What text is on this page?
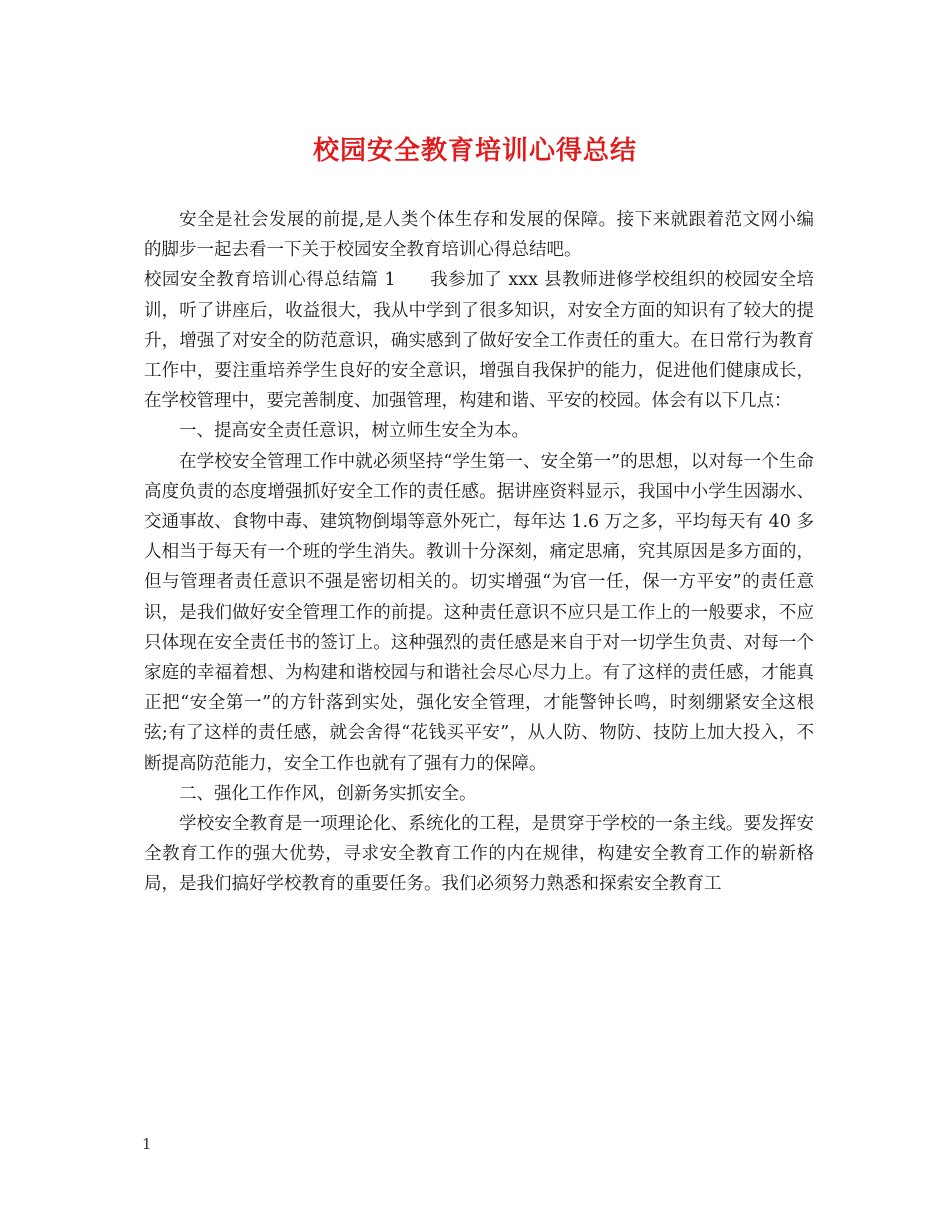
校园安全教育培训心得总结

安全是社会发展的前提,是人类个体生存和发展的保障。接下来就跟着范文网小编的脚步一起去看一下关于校园安全教育培训心得总结吧。

校园安全教育培训心得总结篇 1 我参加了 xxx 县教师进修学校组织的校园安全培训，听了讲座后，收益很大，我从中学到了很多知识，对安全方面的知识有了较大的提升，增强了对安全的防范意识，确实感到了做好安全工作责任的重大。在日常行为教育工作中，要注重培养学生良好的安全意识，增强自我保护的能力，促进他们健康成长，在学校管理中，要完善制度、加强管理，构建和谐、平安的校园。体会有以下几点：

一、提高安全责任意识，树立师生安全为本。

在学校安全管理工作中就必须坚持“学生第一、安全第一”的思想，以对每一个生命高度负责的态度增强抓好安全工作的责任感。据讲座资料显示，我国中小学生因溺水、交通事故、食物中毒、建筑物倒塌等意外死亡，每年达 1.6 万之多，平均每天有 40 多人相当于每天有一个班的学生消失。教训十分深刻，痛定思痛，究其原因是多方面的，但与管理者责任意识不强是密切相关的。切实增强“为官一任，保一方平安”的责任意识，是我们做好安全管理工作的前提。这种责任意识不应只是工作上的一般要求，不应只体现在安全责任书的签订上。这种强烈的责任感是来自于对一切学生负责、对每一个家庭的幸福着想、为构建和谐校园与和谐社会尽心尽力上。有了这样的责任感，才能真正把“安全第一”的方针落到实处，强化安全管理，才能警钟长鸣，时刻绷紧安全这根弦;有了这样的责任感，就会舍得“花钱买平安”，从人防、物防、技防上加大投入，不断提高防范能力，安全工作也就有了强有力的保障。

二、强化工作作风，创新务实抓安全。

学校安全教育是一项理论化、系统化的工程，是贯穿于学校的一条主线。要发挥安全教育工作的强大优势，寻求安全教育工作的内在规律，构建安全教育工作的崭新格局，是我们搞好学校教育的重要任务。我们必须努力熟悉和探索安全教育工

1
